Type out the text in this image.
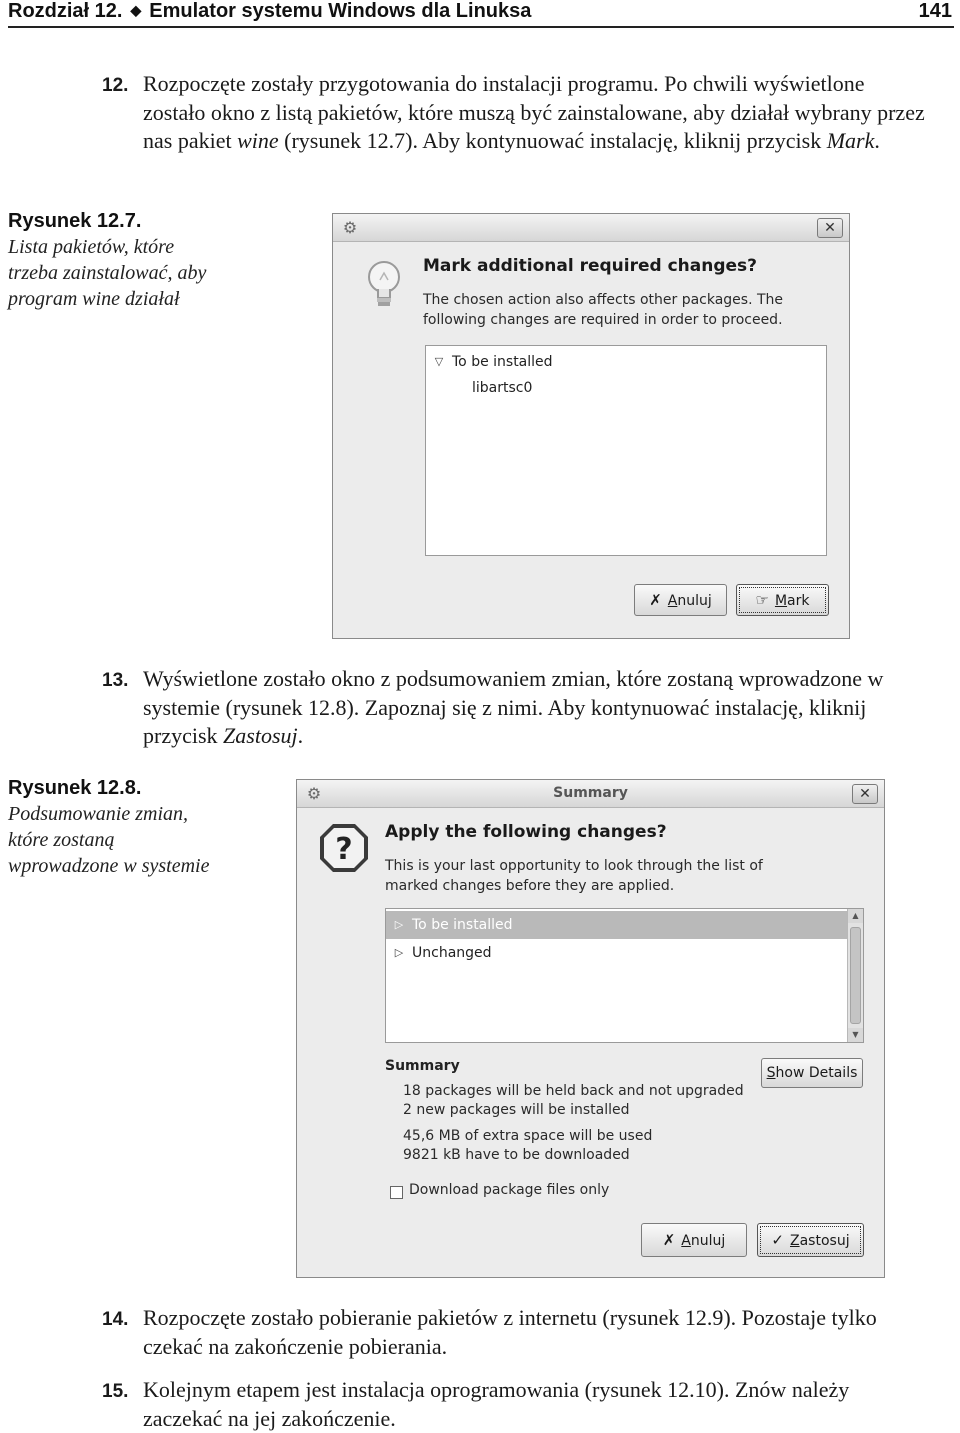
Rozdział 12. ◆ Emulator systemu Windows dla Linuksa	141
12. Rozpoczęte zostały przygotowania do instalacji programu. Po chwili wyświetlone zostało okno z listą pakietów, które muszą być zainstalowane, aby działał wybrany przez nas pakiet wine (rysunek 12.7). Aby kontynuować instalację, kliknij przycisk Mark.
Rysunek 12.7.
Lista pakietów, które trzeba zainstalować, aby program wine działał
⚙	✕
Mark additional required changes?
The chosen action also affects other packages. The following changes are required in order to proceed.
▽ To be installed
libartsc0
✗ Anuluj	☞ Mark
13. Wyświetlone zostało okno z podsumowaniem zmian, które zostaną wprowadzone w systemie (rysunek 12.8). Zapoznaj się z nimi. Aby kontynuować instalację, kliknij przycisk Zastosuj.
Rysunek 12.8.
Podsumowanie zmian, które zostaną wprowadzone w systemie
⚙	Summary	✕
? Apply the following changes?
This is your last opportunity to look through the list of marked changes before they are applied.
▷ To be installed
▷ Unchanged
▲
▼
Summary	Show Details
18 packages will be held back and not upgraded
2 new packages will be installed
45,6 MB of extra space will be used
9821 kB have to be downloaded
Download package files only
✗ Anuluj	✓ Zastosuj
14. Rozpoczęte zostało pobieranie pakietów z internetu (rysunek 12.9). Pozostaje tylko czekać na zakończenie pobierania.
15. Kolejnym etapem jest instalacja oprogramowania (rysunek 12.10). Znów należy zaczekać na jej zakończenie.
